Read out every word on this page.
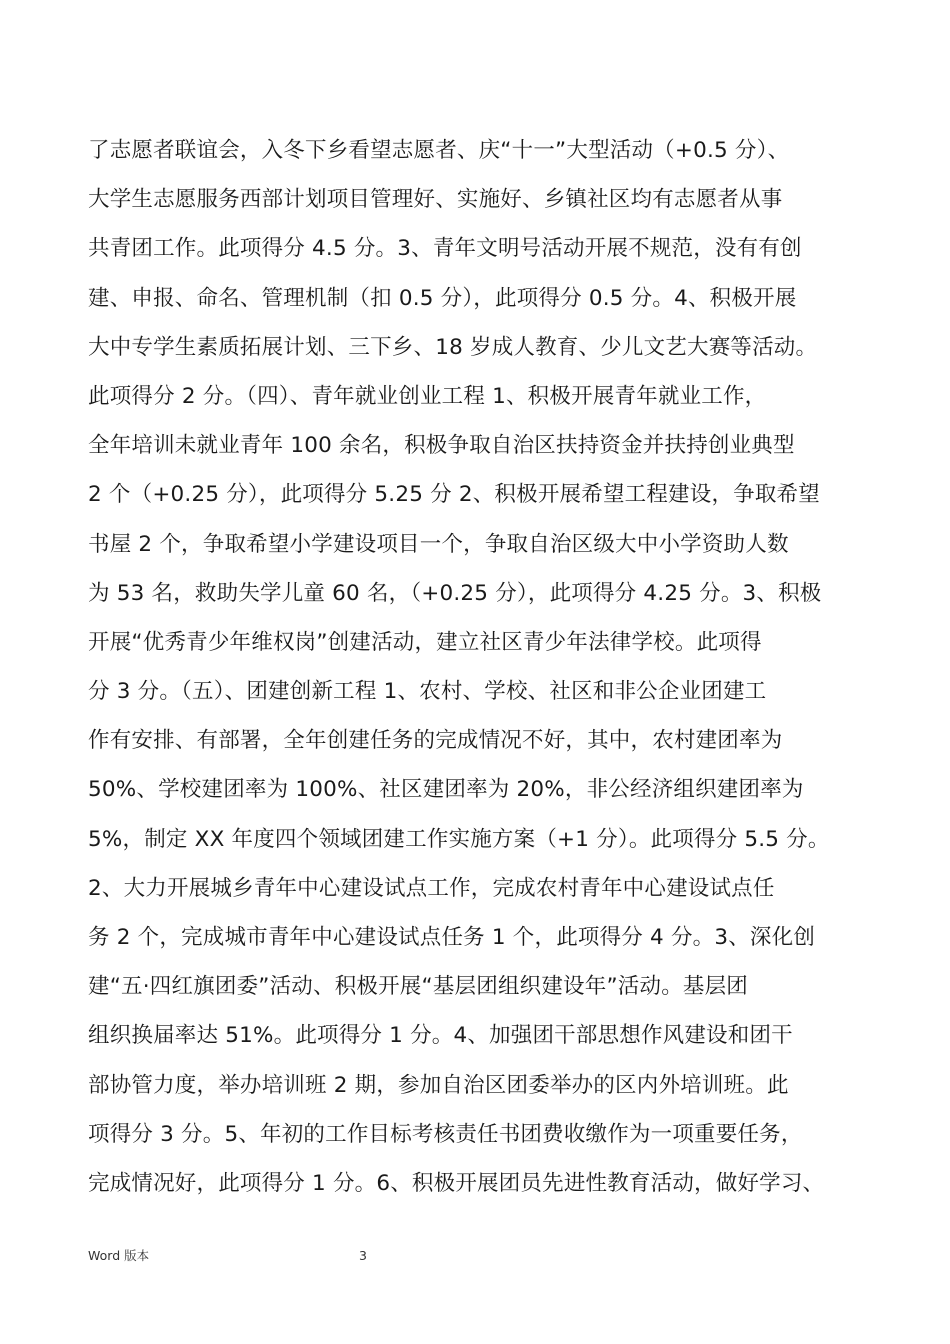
了志愿者联谊会，入冬下乡看望志愿者、庆“十一”大型活动（+0.5 分）、
大学生志愿服务西部计划项目管理好、实施好、乡镇社区均有志愿者从事
共青团工作。此项得分 4.5 分。3、青年文明号活动开展不规范，没有有创
建、申报、命名、管理机制（扣 0.5 分），此项得分 0.5 分。4、积极开展
大中专学生素质拓展计划、三下乡、18 岁成人教育、少儿文艺大赛等活动。
此项得分 2 分。（四）、青年就业创业工程 1、积极开展青年就业工作，
全年培训未就业青年 100 余名，积极争取自治区扶持资金并扶持创业典型
2 个（+0.25 分），此项得分 5.25 分 2、积极开展希望工程建设，争取希望
书屋 2 个，争取希望小学建设项目一个，争取自治区级大中小学资助人数
为 53 名，救助失学儿童 60 名，（+0.25 分），此项得分 4.25 分。3、积极
开展“优秀青少年维权岗”创建活动，建立社区青少年法律学校。此项得
分 3 分。（五）、团建创新工程 1、农村、学校、社区和非公企业团建工
作有安排、有部署，全年创建任务的完成情况不好，其中，农村建团率为
50%、学校建团率为 100%、社区建团率为 20%，非公经济组织建团率为
5%，制定 XX 年度四个领域团建工作实施方案（+1 分）。此项得分 5.5 分。
2、大力开展城乡青年中心建设试点工作，完成农村青年中心建设试点任
务 2 个，完成城市青年中心建设试点任务 1 个，此项得分 4 分。3、深化创
建“五·四红旗团委”活动、积极开展“基层团组织建设年”活动。基层团
组织换届率达 51%。此项得分 1 分。4、加强团干部思想作风建设和团干
部协管力度，举办培训班 2 期，参加自治区团委举办的区内外培训班。此
项得分 3 分。5、年初的工作目标考核责任书团费收缴作为一项重要任务，
完成情况好，此项得分 1 分。6、积极开展团员先进性教育活动，做好学习、
Word 版本	3
